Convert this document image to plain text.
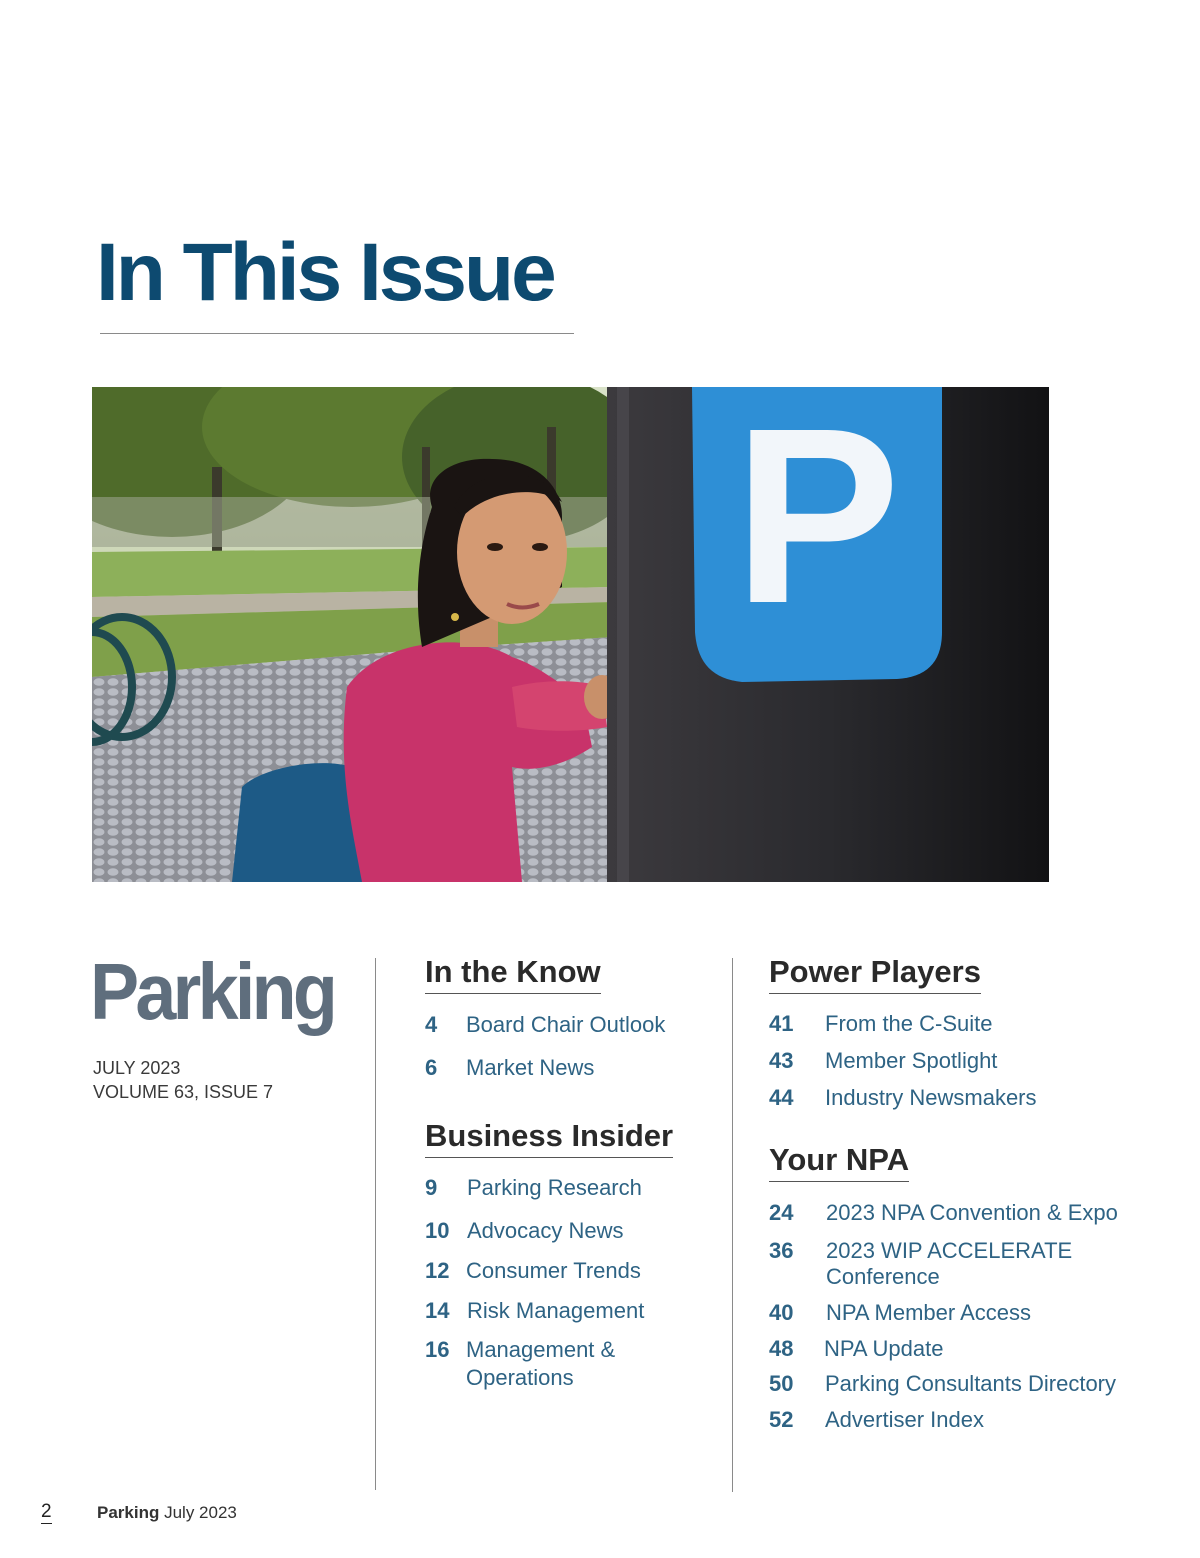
In This Issue
P
Parking
JULY 2023
VOLUME 63, ISSUE 7
In the Know
4 Board Chair Outlook
6 Market News
Business Insider
9 Parking Research
10 Advocacy News
12 Consumer Trends
14 Risk Management
16 Management &
Operations
Power Players
41 From the C-Suite
43 Member Spotlight
44 Industry Newsmakers
Your NPA
24 2023 NPA Convention & Expo
36 2023 WIP ACCELERATE
Conference
40 NPA Member Access
48 NPA Update
50 Parking Consultants Directory
52 Advertiser Index
2	Parking July 2023
